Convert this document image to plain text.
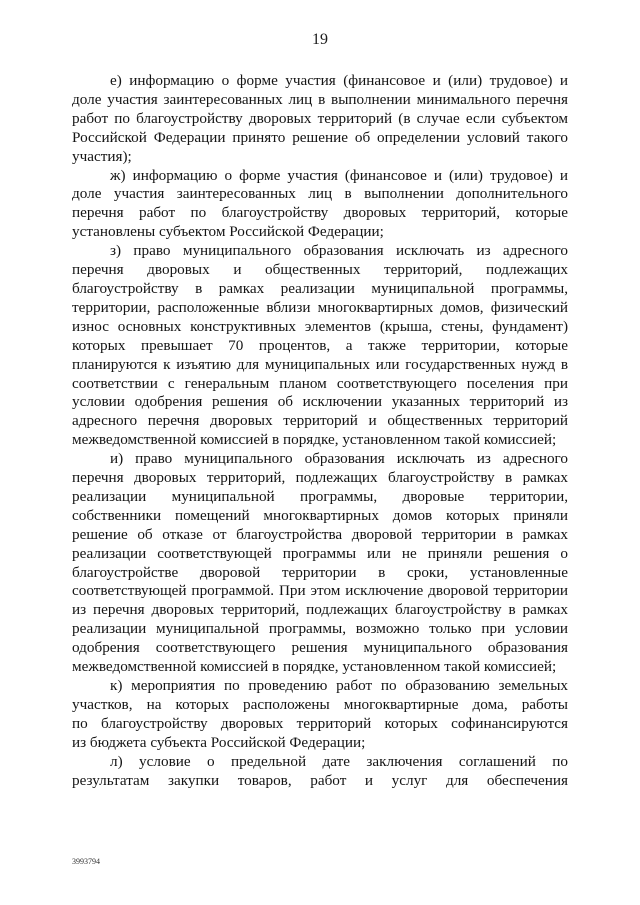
19
е) информацию о форме участия (финансовое и (или) трудовое) и
доле участия заинтересованных лиц в выполнении минимального перечня
работ по благоустройству дворовых территорий (в случае если субъектом
Российской Федерации принято решение об определении условий такого
участия);
ж) информацию о форме участия (финансовое и (или) трудовое) и
доле участия заинтересованных лиц в выполнении дополнительного
перечня работ по благоустройству дворовых территорий, которые
установлены субъектом Российской Федерации;
з) право муниципального образования исключать из адресного
перечня дворовых и общественных территорий, подлежащих
благоустройству в рамках реализации муниципальной программы,
территории, расположенные вблизи многоквартирных домов, физический
износ основных конструктивных элементов (крыша, стены, фундамент)
которых превышает 70 процентов, а также территории, которые
планируются к изъятию для муниципальных или государственных нужд в
соответствии с генеральным планом соответствующего поселения при
условии одобрения решения об исключении указанных территорий из
адресного перечня дворовых территорий и общественных территорий
межведомственной комиссией в порядке, установленном такой комиссией;
и) право муниципального образования исключать из адресного
перечня дворовых территорий, подлежащих благоустройству в рамках
реализации муниципальной программы, дворовые территории,
собственники помещений многоквартирных домов которых приняли
решение об отказе от благоустройства дворовой территории в рамках
реализации соответствующей программы или не приняли решения о
благоустройстве дворовой территории в сроки, установленные
соответствующей программой. При этом исключение дворовой территории
из перечня дворовых территорий, подлежащих благоустройству в рамках
реализации муниципальной программы, возможно только при условии
одобрения соответствующего решения муниципального образования
межведомственной комиссией в порядке, установленном такой комиссией;
к) мероприятия по проведению работ по образованию земельных
участков, на которых расположены многоквартирные дома, работы
по благоустройству дворовых территорий которых софинансируются
из бюджета субъекта Российской Федерации;
л) условие о предельной дате заключения соглашений по
результатам закупки товаров, работ и услуг для обеспечения
3993794
